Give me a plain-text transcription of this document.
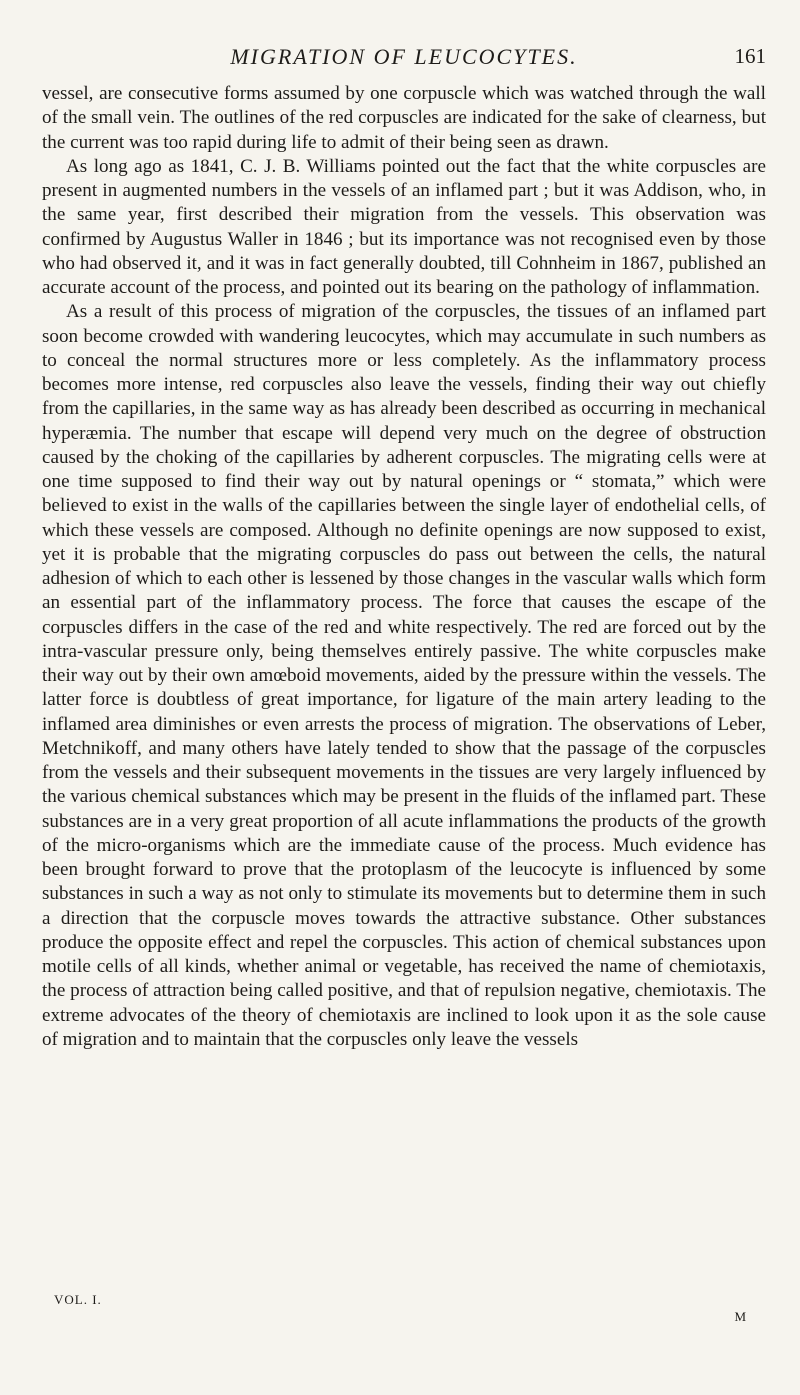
MIGRATION OF LEUCOCYTES.	161

vessel, are consecutive forms assumed by one corpuscle which was watched through the wall of the small vein. The outlines of the red corpuscles are indicated for the sake of clearness, but the current was too rapid during life to admit of their being seen as drawn.

As long ago as 1841, C. J. B. Williams pointed out the fact that the white corpuscles are present in augmented numbers in the vessels of an inflamed part ; but it was Addison, who, in the same year, first described their migration from the vessels. This observation was confirmed by Augustus Waller in 1846 ; but its importance was not recognised even by those who had observed it, and it was in fact generally doubted, till Cohnheim in 1867, published an accurate account of the process, and pointed out its bearing on the pathology of inflammation.

As a result of this process of migration of the corpuscles, the tissues of an inflamed part soon become crowded with wandering leucocytes, which may accumulate in such numbers as to conceal the normal structures more or less completely. As the inflammatory process becomes more intense, red corpuscles also leave the vessels, finding their way out chiefly from the capillaries, in the same way as has already been described as occurring in mechanical hyperæmia. The number that escape will depend very much on the degree of obstruction caused by the choking of the capillaries by adherent corpuscles. The migrating cells were at one time supposed to find their way out by natural openings or “ stomata,” which were believed to exist in the walls of the capillaries between the single layer of endothelial cells, of which these vessels are composed. Although no definite openings are now supposed to exist, yet it is probable that the migrating corpuscles do pass out between the cells, the natural adhesion of which to each other is lessened by those changes in the vascular walls which form an essential part of the inflammatory process. The force that causes the escape of the corpuscles differs in the case of the red and white respectively. The red are forced out by the intra-vascular pressure only, being themselves entirely passive. The white corpuscles make their way out by their own amœboid movements, aided by the pressure within the vessels. The latter force is doubtless of great importance, for ligature of the main artery leading to the inflamed area diminishes or even arrests the process of migration. The observations of Leber, Metchnikoff, and many others have lately tended to show that the passage of the corpuscles from the vessels and their subsequent movements in the tissues are very largely influenced by the various chemical substances which may be present in the fluids of the inflamed part. These substances are in a very great proportion of all acute inflammations the products of the growth of the micro-organisms which are the immediate cause of the process. Much evidence has been brought forward to prove that the protoplasm of the leucocyte is influenced by some substances in such a way as not only to stimulate its movements but to determine them in such a direction that the corpuscle moves towards the attractive substance. Other substances produce the opposite effect and repel the corpuscles. This action of chemical substances upon motile cells of all kinds, whether animal or vegetable, has received the name of chemiotaxis, the process of attraction being called positive, and that of repulsion negative, chemiotaxis. The extreme advocates of the theory of chemiotaxis are inclined to look upon it as the sole cause of migration and to maintain that the corpuscles only leave the vessels

VOL. I.
M
